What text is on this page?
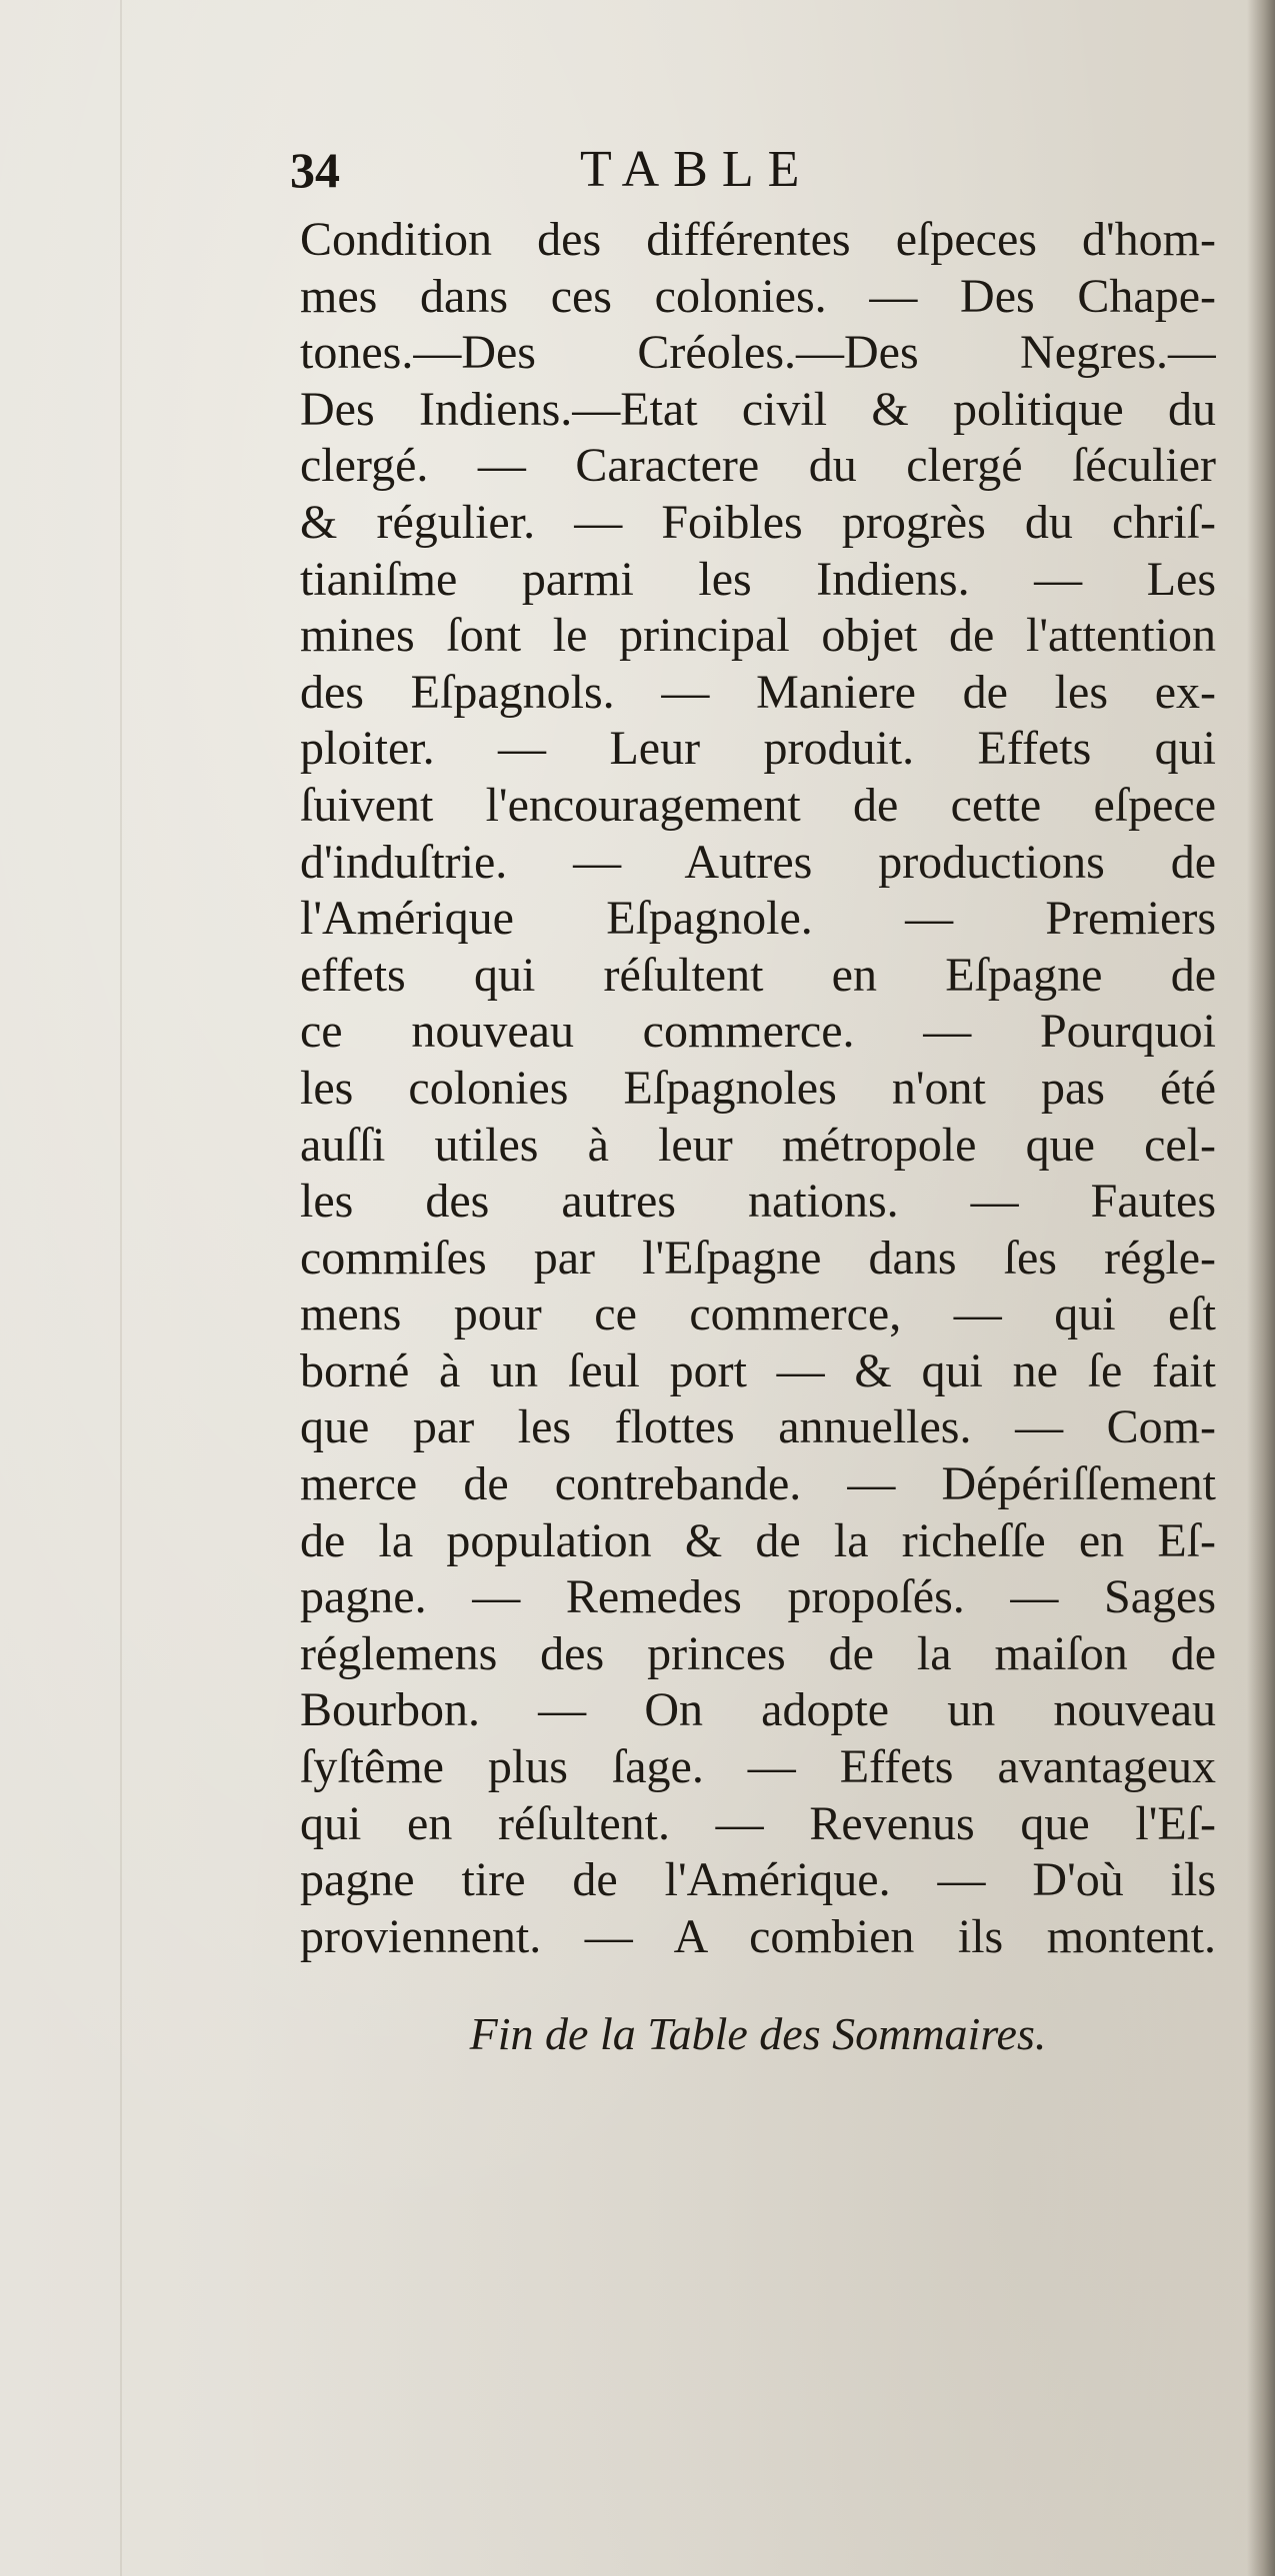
34	TABLE
Condition des différentes eſpeces d'hom-
mes dans ces colonies. — Des Chape-
tones.—Des Créoles.—Des Negres.—
Des Indiens.—Etat civil & politique du
clergé. — Caractere du clergé ſéculier
& régulier. — Foibles progrès du chriſ-
tianiſme parmi les Indiens. — Les
mines ſont le principal objet de l'attention
des Eſpagnols. — Maniere de les ex-
ploiter. — Leur produit. Effets qui
ſuivent l'encouragement de cette eſpece
d'induſtrie. — Autres productions de
l'Amérique Eſpagnole. — Premiers
effets qui réſultent en Eſpagne de
ce nouveau commerce. — Pourquoi
les colonies Eſpagnoles n'ont pas été
auſſi utiles à leur métropole que cel-
les des autres nations. — Fautes
commiſes par l'Eſpagne dans ſes régle-
mens pour ce commerce, — qui eſt
borné à un ſeul port — & qui ne ſe fait
que par les flottes annuelles. — Com-
merce de contrebande. — Dépériſſement
de la population & de la richeſſe en Eſ-
pagne. — Remedes propoſés. — Sages
réglemens des princes de la maiſon de
Bourbon. — On adopte un nouveau
ſyſtême plus ſage. — Effets avantageux
qui en réſultent. — Revenus que l'Eſ-
pagne tire de l'Amérique. — D'où ils
proviennent. — A combien ils montent.
Fin de la Table des Sommaires.
